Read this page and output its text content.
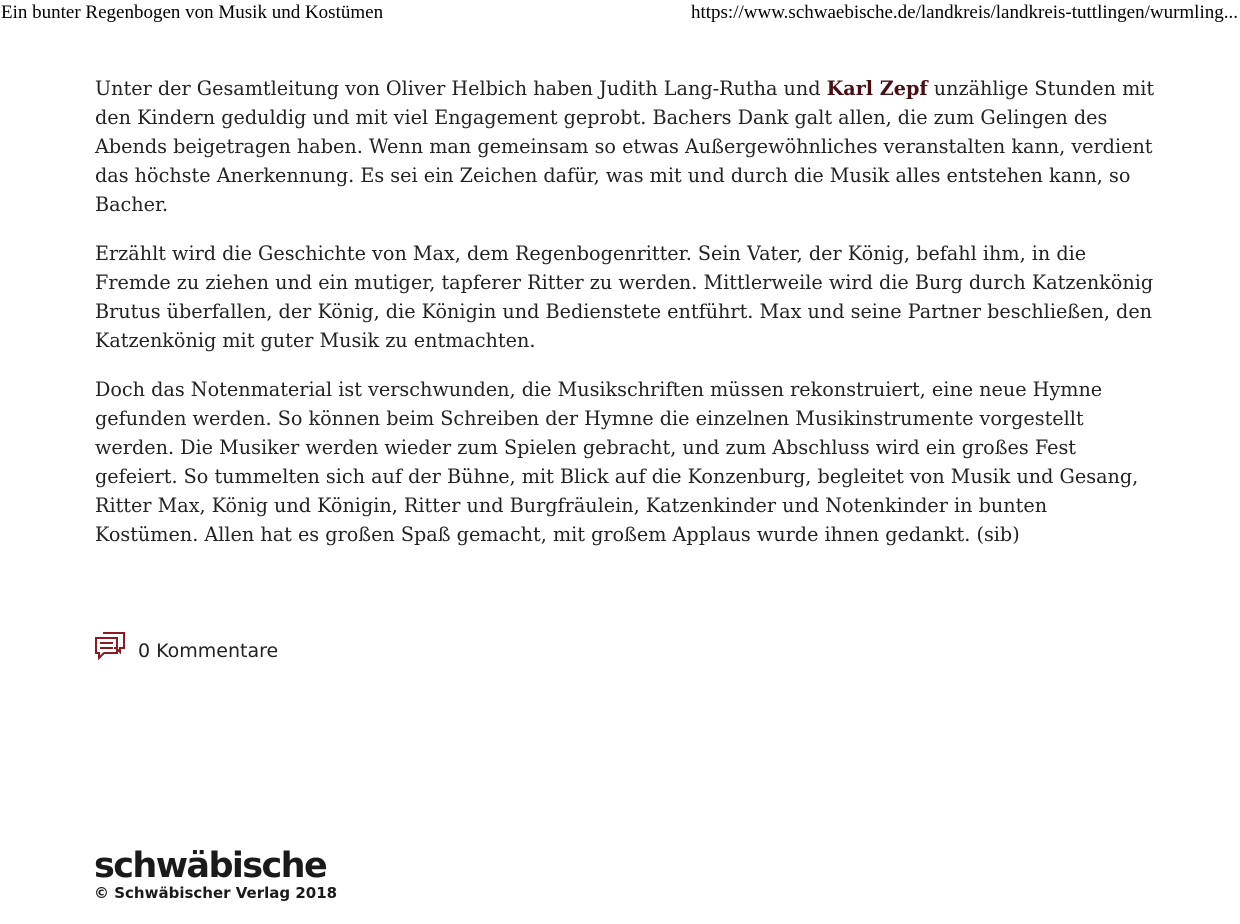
Ein bunter Regenbogen von Musik und Kostümen	https://www.schwaebische.de/landkreis/landkreis-tuttlingen/wurmling...

Unter der Gesamtleitung von Oliver Helbich haben Judith Lang-Rutha und Karl Zepf unzählige Stunden mit den Kindern geduldig und mit viel Engagement geprobt. Bachers Dank galt allen, die zum Gelingen des Abends beigetragen haben. Wenn man gemeinsam so etwas Außergewöhnliches veranstalten kann, verdient das höchste Anerkennung. Es sei ein Zeichen dafür, was mit und durch die Musik alles entstehen kann, so Bacher.

Erzählt wird die Geschichte von Max, dem Regenbogenritter. Sein Vater, der König, befahl ihm, in die Fremde zu ziehen und ein mutiger, tapferer Ritter zu werden. Mittlerweile wird die Burg durch Katzenkönig Brutus überfallen, der König, die Königin und Bedienstete entführt. Max und seine Partner beschließen, den Katzenkönig mit guter Musik zu entmachten.

Doch das Notenmaterial ist verschwunden, die Musikschriften müssen rekonstruiert, eine neue Hymne gefunden werden. So können beim Schreiben der Hymne die einzelnen Musikinstrumente vorgestellt werden. Die Musiker werden wieder zum Spielen gebracht, und zum Abschluss wird ein großes Fest gefeiert. So tummelten sich auf der Bühne, mit Blick auf die Konzenburg, begleitet von Musik und Gesang, Ritter Max, König und Königin, Ritter und Burgfräulein, Katzenkinder und Notenkinder in bunten Kostümen. Allen hat es großen Spaß gemacht, mit großem Applaus wurde ihnen gedankt. (sib)

0 Kommentare
schwäbische
© Schwäbischer Verlag 2018
